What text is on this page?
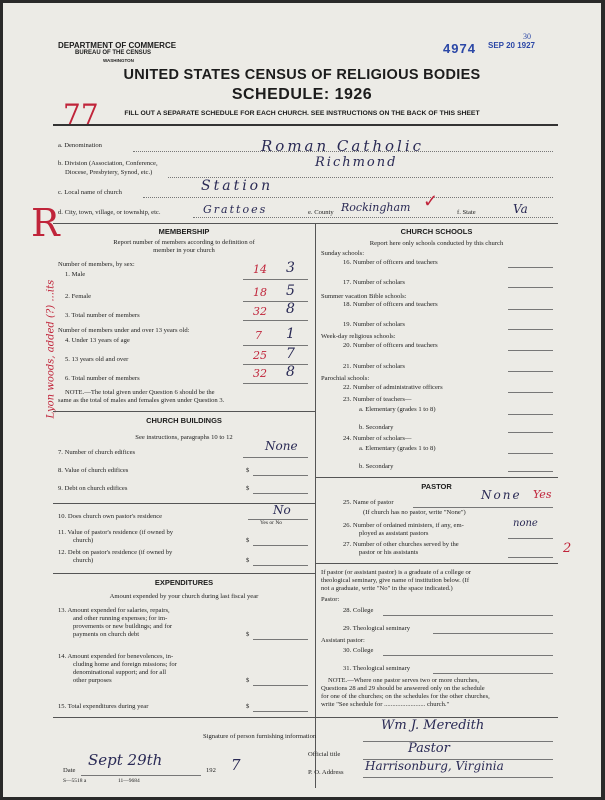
DEPARTMENT OF COMMERCE
BUREAU OF THE CENSUS
WASHINGTON
4974 SEP 20 1927
30
UNITED STATES CENSUS OF RELIGIOUS BODIES
SCHEDULE: 1926
FILL OUT A SEPARATE SCHEDULE FOR EACH CHURCH. SEE INSTRUCTIONS ON THE BACK OF THIS SHEET
77
R
Lyon woods, added (?) ...its
a. Denomination	Roman Catholic
b. Division (Association, Conference,
Diocese, Presbytery, Synod, etc.)
Richmond
c. Local name of church	Station
d. City, town, village, or township, etc.	Grattoes	e. County Rockingham ✓
f. State	Va
MEMBERSHIP
Report number of members according to definition of
member in your church
Number of members, by sex:
1. Male	14 3
2. Female	18 5
3. Total number of members	32 8
Number of members under and over 13 years old:
4. Under 13 years of age	7 1
5. 13 years old and over	25 7
6. Total number of members	32 8
NOTE.—The total given under Question 6 should be the
same as the total of males and females given under Question 3.
CHURCH BUILDINGS
See instructions, paragraphs 10 to 12
7. Number of church edifices	None
8. Value of church edifices	$
9. Debt on church edifices	$
10. Does church own pastor's residence	No
Yes or No
11. Value of pastor's residence (if owned by
church)	$
12. Debt on pastor's residence (if owned by
church)	$
EXPENDITURES
Amount expended by your church during last fiscal year
13. Amount expended for salaries, repairs,
and other running expenses; for im-
provements or new buildings; and for
payments on church debt	$
14. Amount expended for benevolences, in-
cluding home and foreign missions; for
denominational support; and for all
other purposes	$
15. Total expenditures during year	$
CHURCH SCHOOLS
Report here only schools conducted by this church
Sunday schools:
16. Number of officers and teachers
17. Number of scholars
Summer vacation Bible schools:
18. Number of officers and teachers
19. Number of scholars
Week-day religious schools:
20. Number of officers and teachers
21. Number of scholars
Parochial schools:
22. Number of administrative officers
23. Number of teachers—
a. Elementary (grades 1 to 8)
b. Secondary
24. Number of scholars—
a. Elementary (grades 1 to 8)
b. Secondary
PASTOR
25. Name of pastor
None Yes
(If church has no pastor, write "None")
26. Number of ordained ministers, if any, em-
ployed as assistant pastors
none
27. Number of other churches served by the
pastor or his assistants	2
If pastor (or assistant pastor) is a graduate of a college or
theological seminary, give name of institution below. (If
not a graduate, write "No" in the space indicated.)
Pastor:
28. College
29. Theological seminary
Assistant pastor:
30. College
31. Theological seminary
NOTE.—Where one pastor serves two or more churches,
Questions 28 and 29 should be answered only on the schedule
for one of the churches; on the schedules for the other churches,
write "See schedule for ......................... church."
Signature of person furnishing information
Wm J. Meredith
Official title	Pastor
Date
Sept 29th
192 7	P. O. Address Harrisonburg, Virginia
S—5518 a	11—9684
